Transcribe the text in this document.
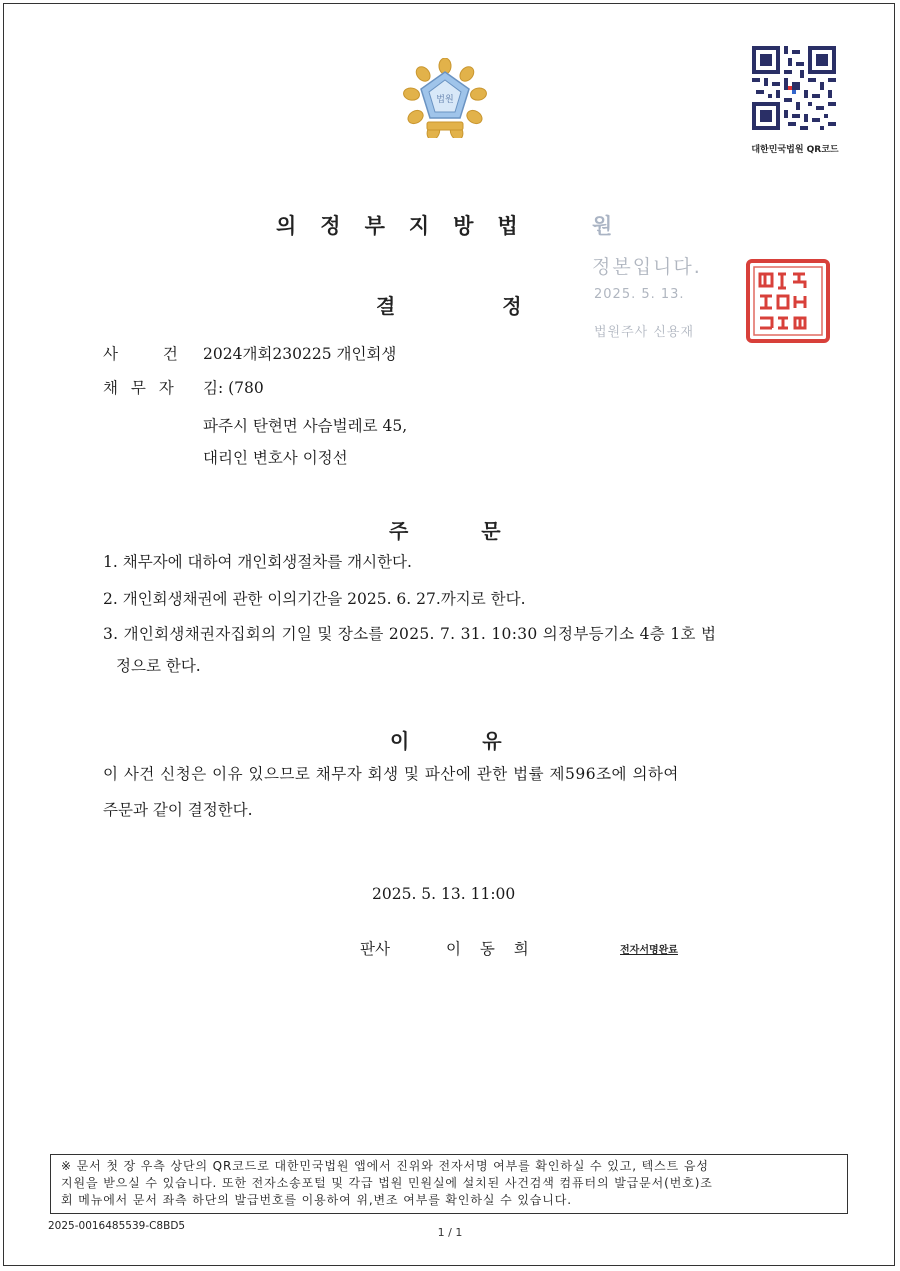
법원
대한민국법원 QR코드
의정부지방법 원
정본입니다.
2025. 5. 13.
법원주사 신용재
결 정
사 건 2024개회230225 개인회생
채 무 자 김: (780
파주시 탄현면 사슴벌레로 45,
대리인 변호사 이정선
주 문
1. 채무자에 대하여 개인회생절차를 개시한다.
2. 개인회생채권에 관한 이의기간을 2025. 6. 27.까지로 한다.
3. 개인회생채권자집회의 기일 및 장소를 2025. 7. 31. 10:30 의정부등기소 4층 1호 법
정으로 한다.
이 유
이 사건 신청은 이유 있으므로 채무자 회생 및 파산에 관한 법률 제596조에 의하여
주문과 같이 결정한다.
2025. 5. 13. 11:00
판사	이 동 희	전자서명완료
※ 문서 첫 장 우측 상단의 QR코드로 대한민국법원 앱에서 진위와 전자서명 여부를 확인하실 수 있고, 텍스트 음성
지원을 받으실 수 있습니다. 또한 전자소송포털 및 각급 법원 민원실에 설치된 사건검색 컴퓨터의 발급문서(번호)조
회 메뉴에서 문서 좌측 하단의 발급번호를 이용하여 위,변조 여부를 확인하실 수 있습니다.
2025-0016485539-C8BD5	1 / 1
